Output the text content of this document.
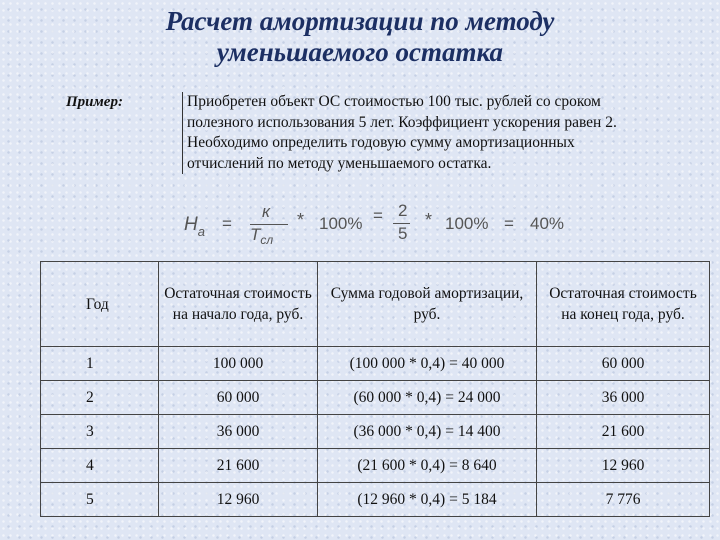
Расчет амортизации по методу
уменьшаемого остатка
Пример:	Приобретен объект ОС стоимостью 100 тыс. рублей со сроком
полезного использования 5 лет. Коэффициент ускорения равен 2.
Необходимо определить годовую сумму амортизационных
отчислений по методу уменьшаемого остатка.
$Н_а$ =
к
$Т_{сл}$
* 100% = 2
5
* 100% = 40%
Год	Остаточная стоимость на начало года, руб.	Сумма годовой амортизации, руб.	Остаточная стоимость на конец года, руб.
1	100 000	(100 000 * 0,4) = 40 000	60 000
2	60 000	(60 000 * 0,4) = 24 000	36 000
3	36 000	(36 000 * 0,4) = 14 400	21 600
4	21 600	(21 600 * 0,4) = 8 640	12 960
5	12 960	(12 960 * 0,4) = 5 184	7 776
